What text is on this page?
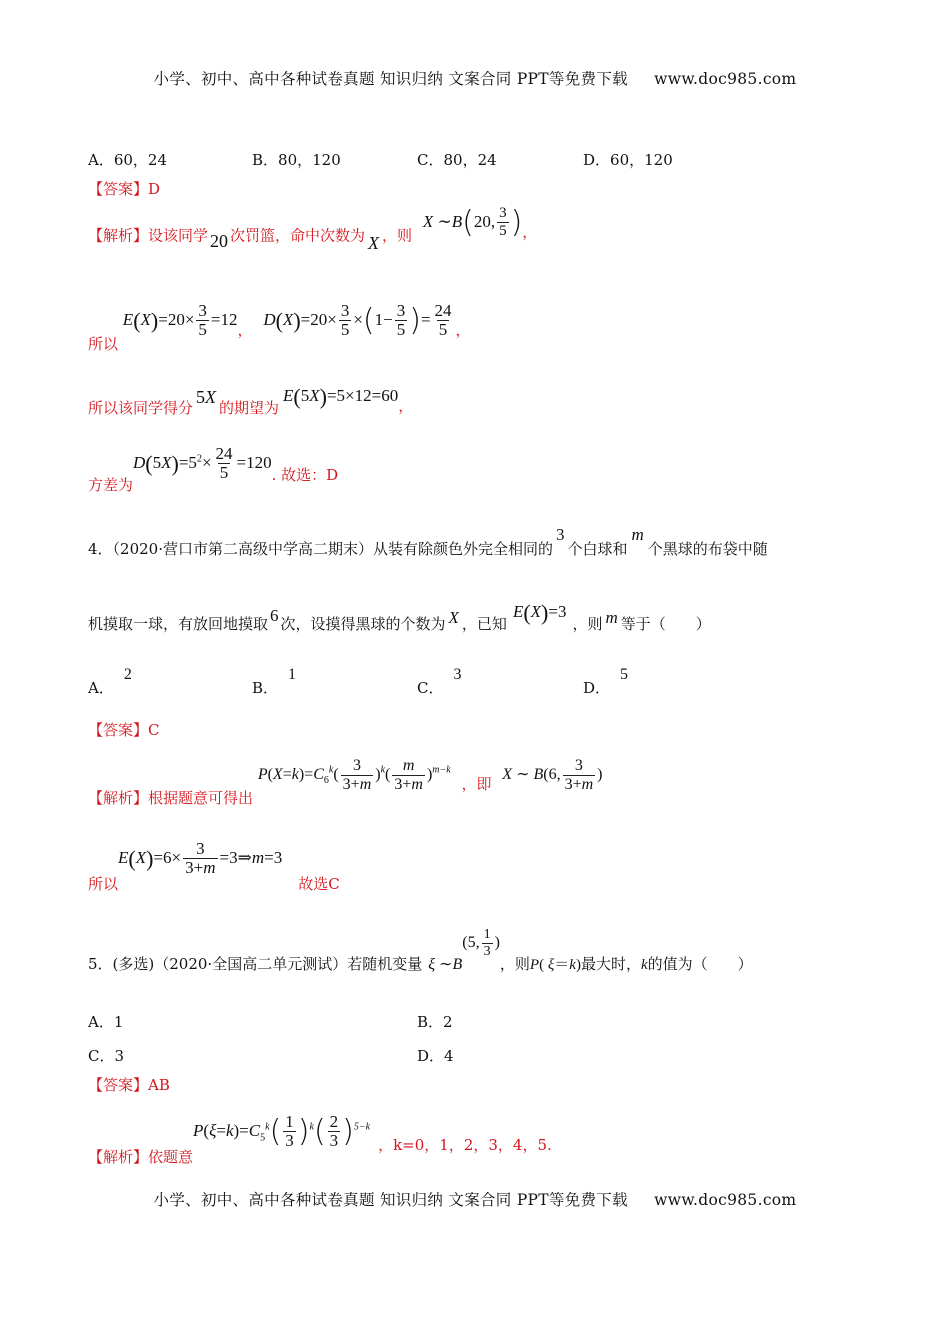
小学、初中、高中各种试卷真题 知识归纳 文案合同 PPT等免费下载 　 www.doc985.com
A．60，24	B．80，120	C．80，24	D．60，120
【答案】D
【解析】设该同学 20 次罚篮，命中次数为 X ，则 X ∼B(20, $\frac{3}{5}$ )，
所以 $E(X)=20\times \frac{3}{5} =12$， $D(X)=20\times \frac{3}{5} \times(1- \frac{3}{5}$ )= $\frac{24}{5}$ ，
所以该同学得分5X的期望为E(5X)=5×12=60，
方差为$D(5X)=5^2\times \frac{24}{5} =120$. 故选：D
4．（2020·营口市第二高级中学高二期末）从装有除颜色外完全相同的3个白球和m个黑球的布袋中随
机摸取一球，有放回地摸取 6 次，设摸得黑球的个数为 X ，已知E(X)=3，则 m 等于（　　）
A．2
B．1
C．3
D．5
【答案】C
【解析】根据题意可得出 $P(X=k)=C_6^k( \frac{3}{3+m} )^k( \frac{m}{3+m} )^{m-k}$ ，即 X ∼ B(6, $\frac{3}{3+m}$ )
所以$E(X)=6\times \frac{3}{3+m}$ =3⇒m=3故选C
5．(多选)（2020·全国高二单元测试）若随机变量 ξ ∼B(5, $\frac{1}{3}$ )，则P( ξ＝k)最大时，k的值为（　　）
A．1	B．2
C．3	D．4
【答案】AB
【解析】依题意$P(\xi=k)=C_5^k( \frac{1}{3} )^k( \frac{2}{3} )^{5-k}$，k=0，1，2，3，4，5.
小学、初中、高中各种试卷真题 知识归纳 文案合同 PPT等免费下载 　 www.doc985.com
